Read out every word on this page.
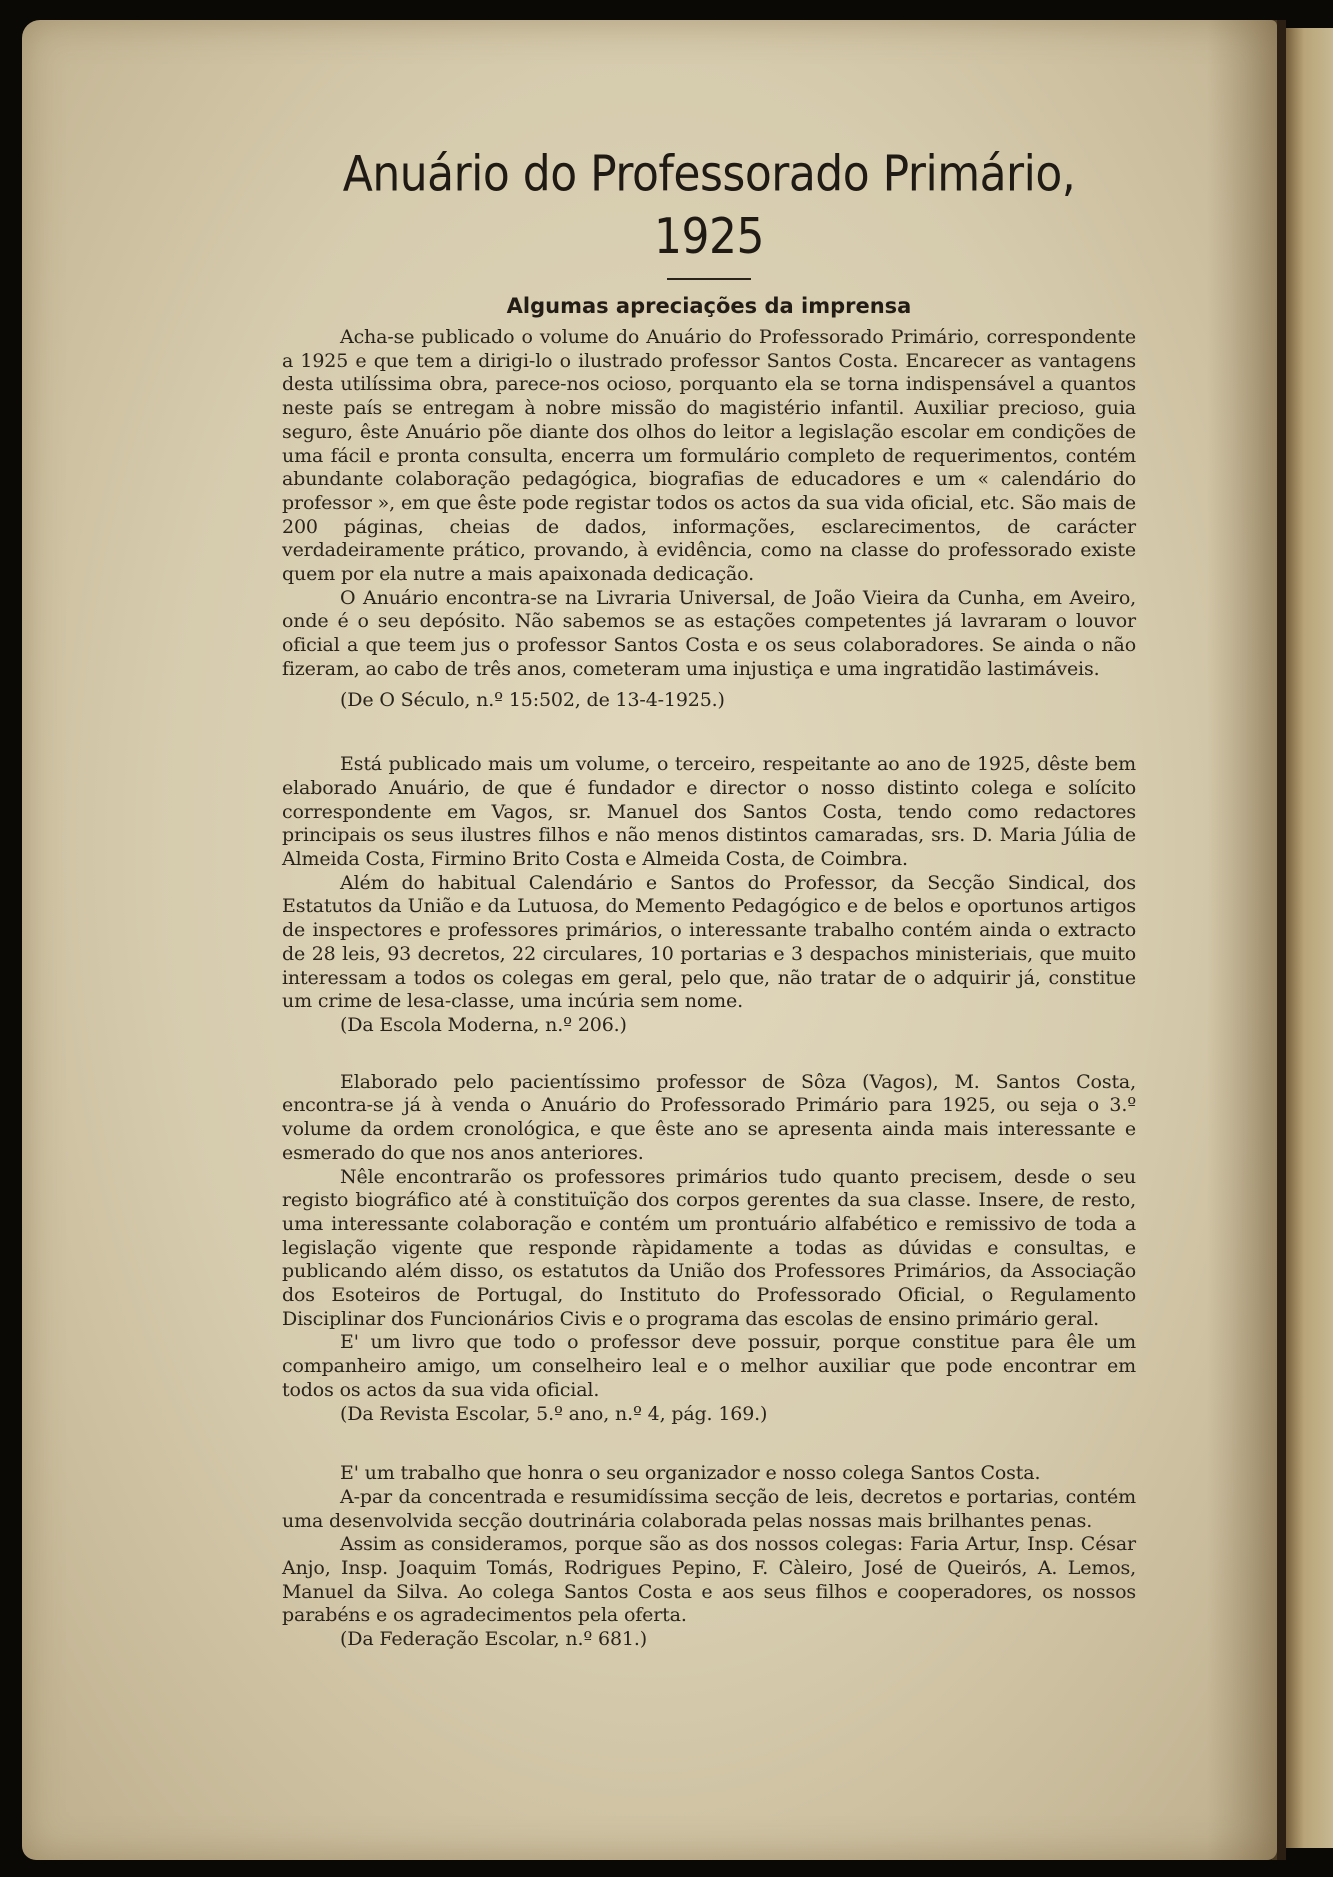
Anuário do Professorado Primário, 1925
Algumas apreciações da imprensa

Acha-se publicado o volume do Anuário do Professorado Primário, correspondente a 1925 e que tem a dirigi-lo o ilustrado professor Santos Costa. Encarecer as vantagens desta utilíssima obra, parece-nos ocioso, porquanto ela se torna indispensável a quantos neste país se entregam à nobre missão do magistério infantil. Auxiliar precioso, guia seguro, êste Anuário põe diante dos olhos do leitor a legislação escolar em condições de uma fácil e pronta consulta, encerra um formulário completo de requerimentos, contém abundante colaboração pedagógica, biografias de educadores e um « calendário do professor », em que êste pode registar todos os actos da sua vida oficial, etc. São mais de 200 páginas, cheias de dados, informações, esclarecimentos, de carácter verdadeiramente prático, provando, à evidência, como na classe do professorado existe quem por ela nutre a mais apaixonada dedicação.

O Anuário encontra-se na Livraria Universal, de João Vieira da Cunha, em Aveiro, onde é o seu depósito. Não sabemos se as estações competentes já lavraram o louvor oficial a que teem jus o professor Santos Costa e os seus colaboradores. Se ainda o não fizeram, ao cabo de três anos, cometeram uma injustiça e uma ingratidão lastimáveis.

(De O Século, n.º 15:502, de 13-4-1925.)

Está publicado mais um volume, o terceiro, respeitante ao ano de 1925, dêste bem elaborado Anuário, de que é fundador e director o nosso distinto colega e solícito correspondente em Vagos, sr. Manuel dos Santos Costa, tendo como redactores principais os seus ilustres filhos e não menos distintos camaradas, srs. D. Maria Júlia de Almeida Costa, Firmino Brito Costa e Almeida Costa, de Coimbra.

Além do habitual Calendário e Santos do Professor, da Secção Sindical, dos Estatutos da União e da Lutuosa, do Memento Pedagógico e de belos e oportunos artigos de inspectores e professores primários, o interessante trabalho contém ainda o extracto de 28 leis, 93 decretos, 22 circulares, 10 portarias e 3 despachos ministeriais, que muito interessam a todos os colegas em geral, pelo que, não tratar de o adquirir já, constitue um crime de lesa-classe, uma incúria sem nome.

(Da Escola Moderna, n.º 206.)

Elaborado pelo pacientíssimo professor de Sôza (Vagos), M. Santos Costa, encontra-se já à venda o Anuário do Professorado Primário para 1925, ou seja o 3.º volume da ordem cronológica, e que êste ano se apresenta ainda mais interessante e esmerado do que nos anos anteriores.

Nêle encontrarão os professores primários tudo quanto precisem, desde o seu registo biográfico até à constituïção dos corpos gerentes da sua classe. Insere, de resto, uma interessante colaboração e contém um prontuário alfabético e remissivo de toda a legislação vigente que responde ràpidamente a todas as dúvidas e consultas, e publicando além disso, os estatutos da União dos Professores Primários, da Associação dos Esoteiros de Portugal, do Instituto do Professorado Oficial, o Regulamento Disciplinar dos Funcionários Civis e o programa das escolas de ensino primário geral.

E' um livro que todo o professor deve possuir, porque constitue para êle um companheiro amigo, um conselheiro leal e o melhor auxiliar que pode encontrar em todos os actos da sua vida oficial.

(Da Revista Escolar, 5.º ano, n.º 4, pág. 169.)

E' um trabalho que honra o seu organizador e nosso colega Santos Costa.

A-par da concentrada e resumidíssima secção de leis, decretos e portarias, contém uma desenvolvida secção doutrinária colaborada pelas nossas mais brilhantes penas.

Assim as consideramos, porque são as dos nossos colegas: Faria Artur, Insp. César Anjo, Insp. Joaquim Tomás, Rodrigues Pepino, F. Càleiro, José de Queirós, A. Lemos, Manuel da Silva. Ao colega Santos Costa e aos seus filhos e cooperadores, os nossos parabéns e os agradecimentos pela oferta.

(Da Federação Escolar, n.º 681.)
